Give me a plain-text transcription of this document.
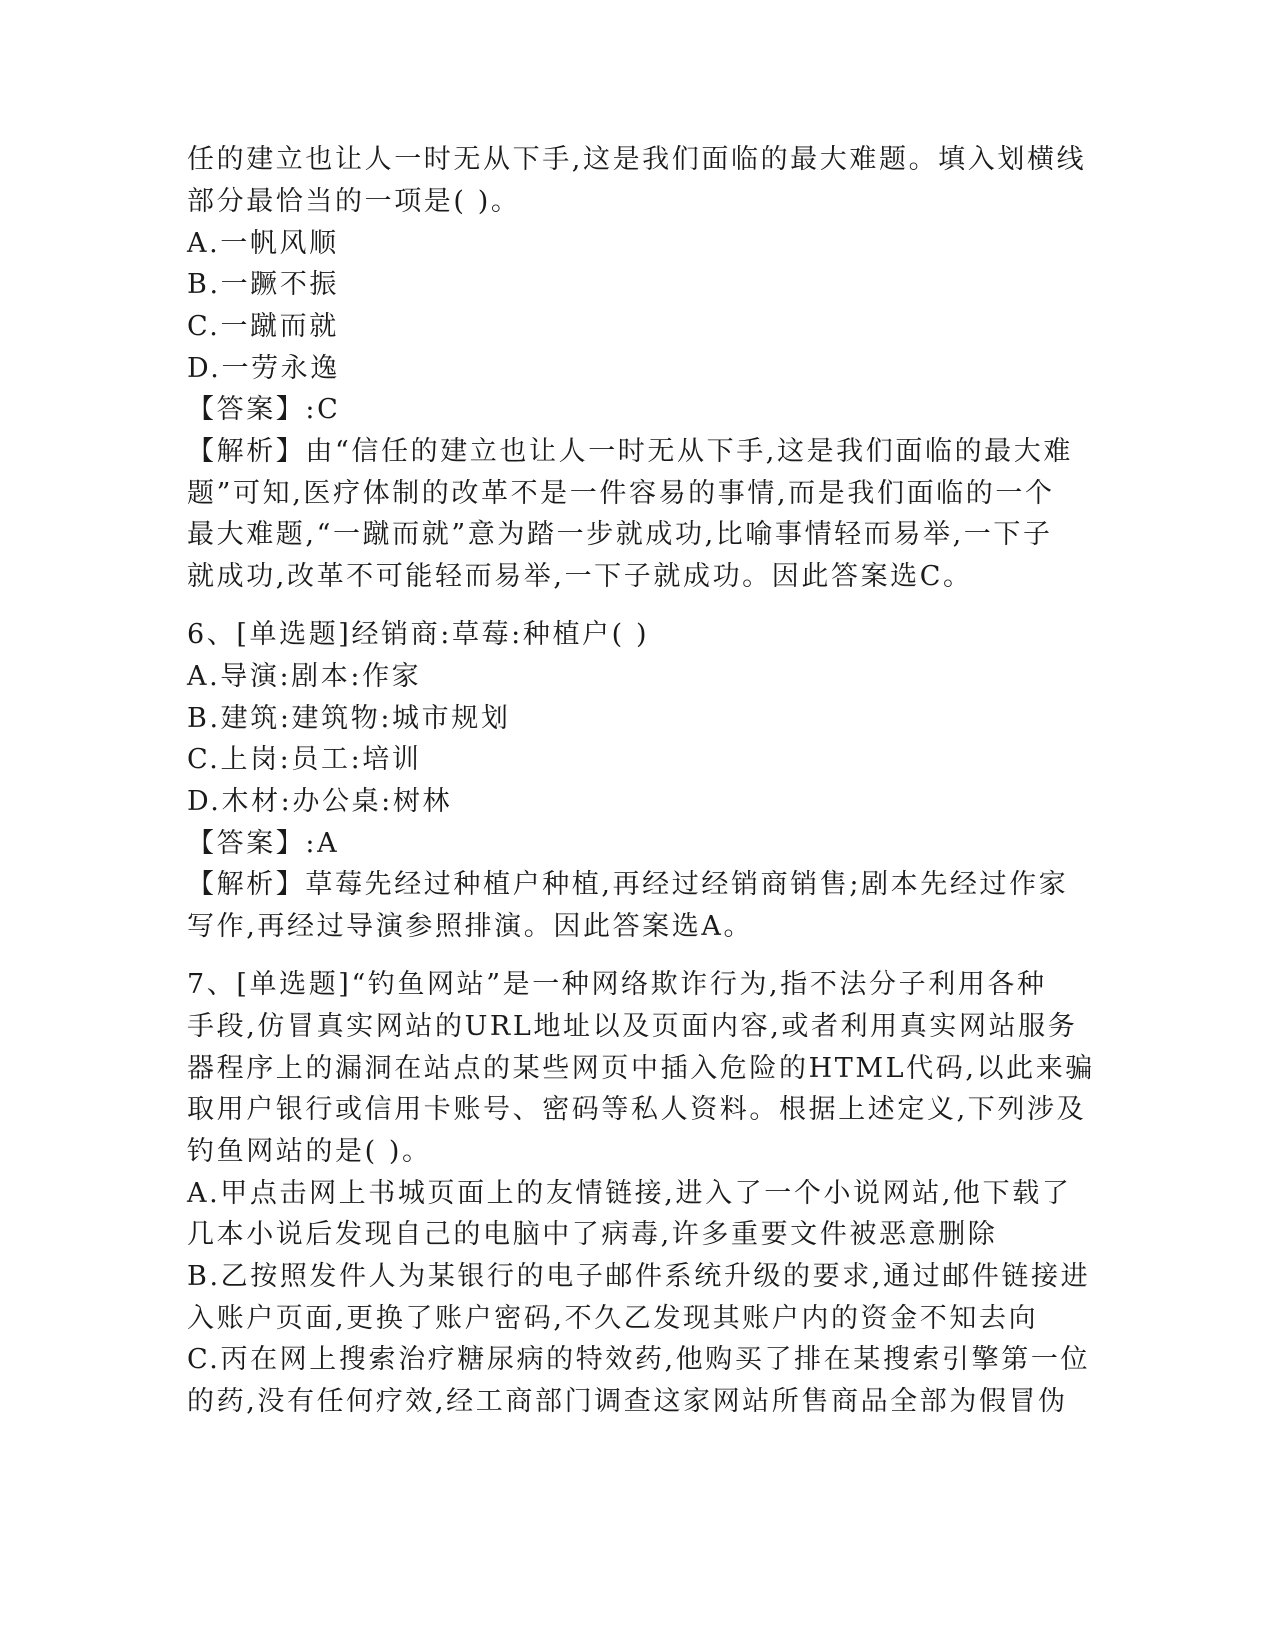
任的建立也让人一时无从下手,这是我们面临的最大难题。填入划横线
部分最恰当的一项是( )。
A.一帆风顺
B.一蹶不振
C.一蹴而就
D.一劳永逸
【答案】:C
【解析】由“信任的建立也让人一时无从下手,这是我们面临的最大难
题”可知,医疗体制的改革不是一件容易的事情,而是我们面临的一个
最大难题,“一蹴而就”意为踏一步就成功,比喻事情轻而易举,一下子
就成功,改革不可能轻而易举,一下子就成功。因此答案选C。
6、[单选题]经销商:草莓:种植户( )
A.导演:剧本:作家
B.建筑:建筑物:城市规划
C.上岗:员工:培训
D.木材:办公桌:树林
【答案】:A
【解析】草莓先经过种植户种植,再经过经销商销售;剧本先经过作家
写作,再经过导演参照排演。因此答案选A。
7、[单选题]“钓鱼网站”是一种网络欺诈行为,指不法分子利用各种
手段,仿冒真实网站的URL地址以及页面内容,或者利用真实网站服务
器程序上的漏洞在站点的某些网页中插入危险的HTML代码,以此来骗
取用户银行或信用卡账号、密码等私人资料。根据上述定义,下列涉及
钓鱼网站的是( )。
A.甲点击网上书城页面上的友情链接,进入了一个小说网站,他下载了
几本小说后发现自己的电脑中了病毒,许多重要文件被恶意删除
B.乙按照发件人为某银行的电子邮件系统升级的要求,通过邮件链接进
入账户页面,更换了账户密码,不久乙发现其账户内的资金不知去向
C.丙在网上搜索治疗糖尿病的特效药,他购买了排在某搜索引擎第一位
的药,没有任何疗效,经工商部门调查这家网站所售商品全部为假冒伪
